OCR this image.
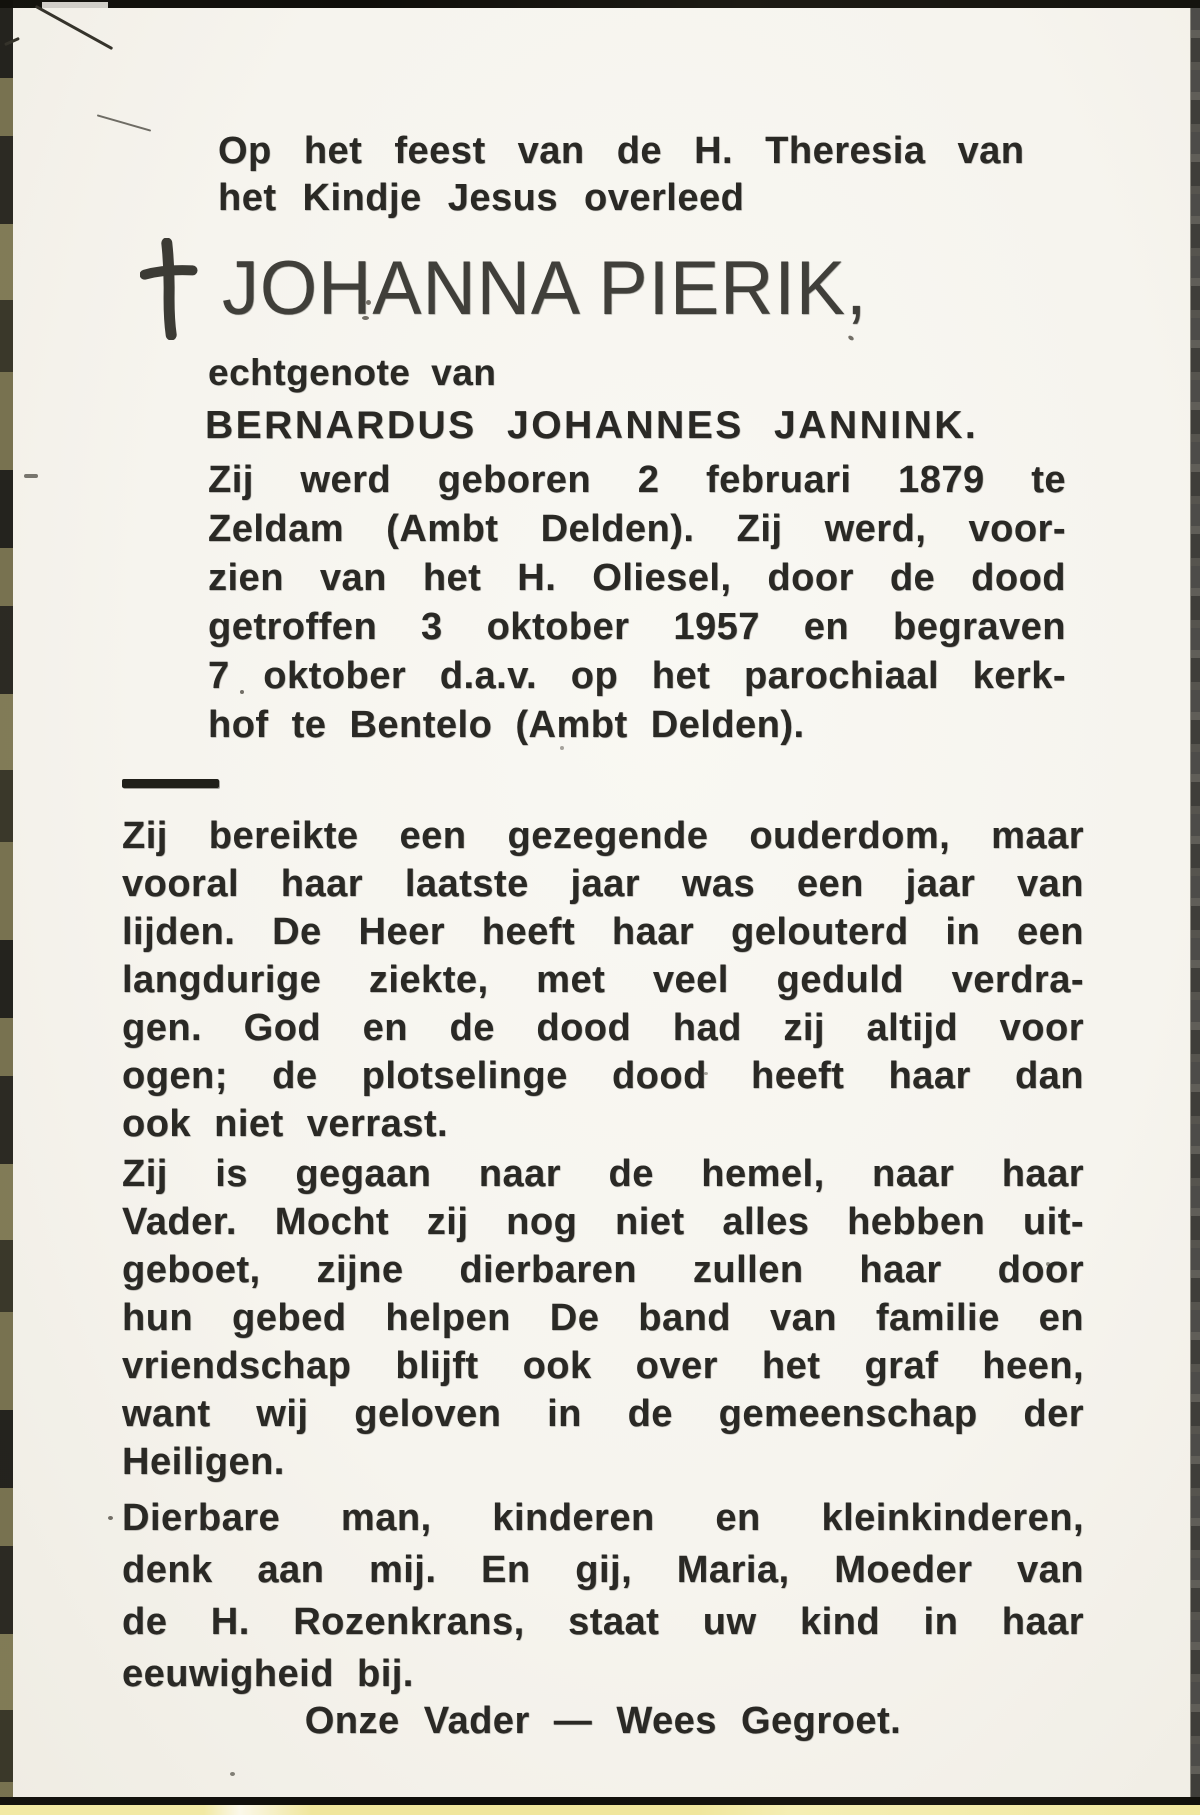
Op het feest van de H. Theresia van
het Kindje Jesus overleed
JOHANNA PIERIK,
echtgenote van
BERNARDUS JOHANNES JANNINK.
Zij werd geboren 2 februari 1879 te
Zeldam (Ambt Delden). Zij werd, voor-
zien van het H. Oliesel, door de dood
getroffen 3 oktober 1957 en begraven
7 oktober d.a.v. op het parochiaal kerk-
hof te Bentelo (Ambt Delden).
Zij bereikte een gezegende ouderdom, maar
vooral haar laatste jaar was een jaar van
lijden. De Heer heeft haar gelouterd in een
langdurige ziekte, met veel geduld verdra-
gen. God en de dood had zij altijd voor
ogen; de plotselinge dood heeft haar dan
ook niet verrast.
Zij is gegaan naar de hemel, naar haar
Vader. Mocht zij nog niet alles hebben uit-
geboet, zijne dierbaren zullen haar door
hun gebed helpen De band van familie en
vriendschap blijft ook over het graf heen,
want wij geloven in de gemeenschap der
Heiligen.
Dierbare man, kinderen en kleinkinderen,
denk aan mij. En gij, Maria, Moeder van
de H. Rozenkrans, staat uw kind in haar
eeuwigheid bij.
Onze Vader — Wees Gegroet.
